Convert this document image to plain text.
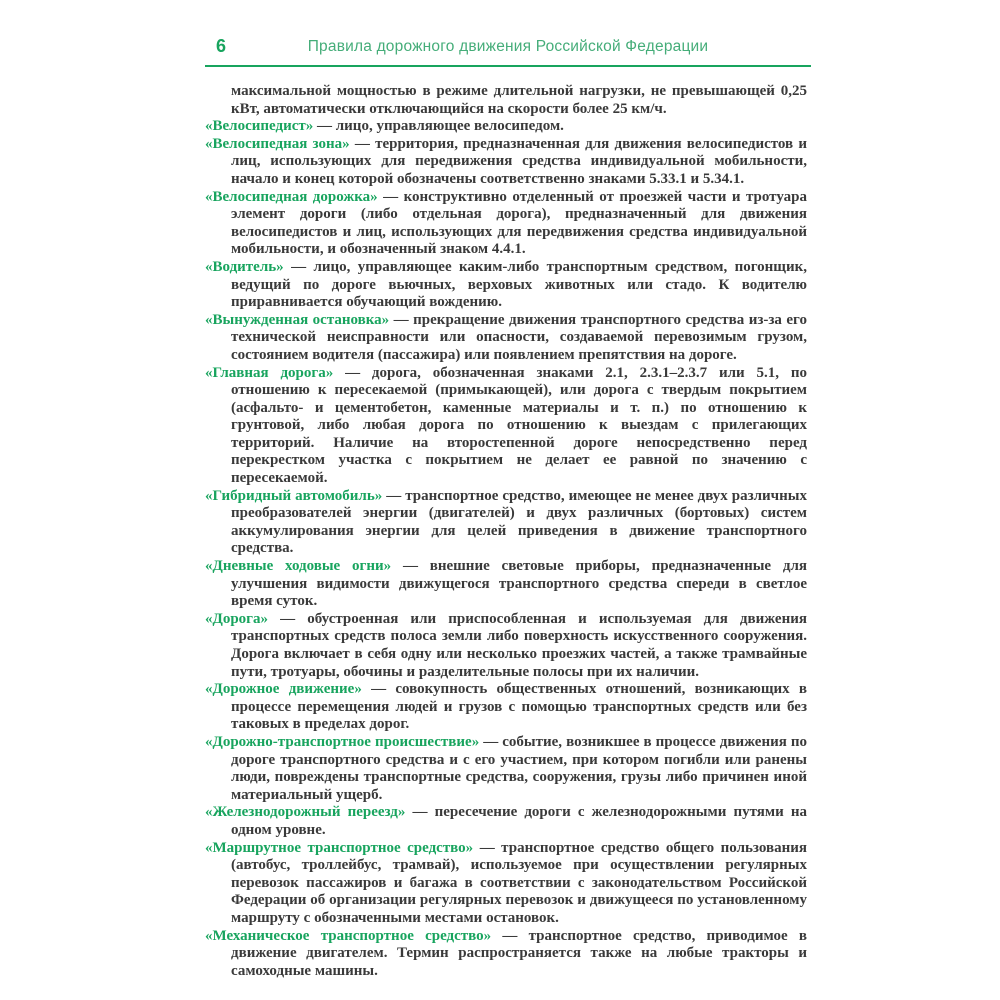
6	Правила дорожного движения Российской Федерации

максимальной мощностью в режиме длительной нагрузки, не превышающей 0,25 кВт, автоматически отключающийся на скорости более 25 км/ч.

«Велосипедист» — лицо, управляющее велосипедом.

«Велосипедная зона» — территория, предназначенная для движения велосипедистов и лиц, использующих для передвижения средства индивидуальной мобильности, начало и конец которой обозначены соответственно знаками 5.33.1 и 5.34.1.

«Велосипедная дорожка» — конструктивно отделенный от проезжей части и тротуара элемент дороги (либо отдельная дорога), предназначенный для движения велосипедистов и лиц, использующих для передвижения средства индивидуальной мобильности, и обозначенный знаком 4.4.1.

«Водитель» — лицо, управляющее каким-либо транспортным средством, погонщик, ведущий по дороге вьючных, верховых животных или стадо. К водителю приравнивается обучающий вождению.

«Вынужденная остановка» — прекращение движения транспортного средства из-за его технической неисправности или опасности, создаваемой перевозимым грузом, состоянием водителя (пассажира) или появлением препятствия на дороге.

«Главная дорога» — дорога, обозначенная знаками 2.1, 2.3.1–2.3.7 или 5.1, по отношению к пересекаемой (примыкающей), или дорога с твердым покрытием (асфальто- и цементобетон, каменные материалы и т. п.) по отношению к грунтовой, либо любая дорога по отношению к выездам с прилегающих территорий. Наличие на второстепенной дороге непосредственно перед перекрестком участка с покрытием не делает ее равной по значению с пересекаемой.

«Гибридный автомобиль» — транспортное средство, имеющее не менее двух различных преобразователей энергии (двигателей) и двух различных (бортовых) систем аккумулирования энергии для целей приведения в движение транспортного средства.

«Дневные ходовые огни» — внешние световые приборы, предназначенные для улучшения видимости движущегося транспортного средства спереди в светлое время суток.

«Дорога» — обустроенная или приспособленная и используемая для движения транспортных средств полоса земли либо поверхность искусственного сооружения. Дорога включает в себя одну или несколько проезжих частей, а также трамвайные пути, тротуары, обочины и разделительные полосы при их наличии.

«Дорожное движение» — совокупность общественных отношений, возникающих в процессе перемещения людей и грузов с помощью транспортных средств или без таковых в пределах дорог.

«Дорожно-транспортное происшествие» — событие, возникшее в процессе движения по дороге транспортного средства и с его участием, при котором погибли или ранены люди, повреждены транспортные средства, сооружения, грузы либо причинен иной материальный ущерб.

«Железнодорожный переезд» — пересечение дороги с железнодорожными путями на одном уровне.

«Маршрутное транспортное средство» — транспортное средство общего пользования (автобус, троллейбус, трамвай), используемое при осуществлении регулярных перевозок пассажиров и багажа в соответствии с законодательством Российской Федерации об организации регулярных перевозок и движущееся по установленному маршруту с обозначенными местами остановок.

«Механическое транспортное средство» — транспортное средство, приводимое в движение двигателем. Термин распространяется также на любые тракторы и самоходные машины.
